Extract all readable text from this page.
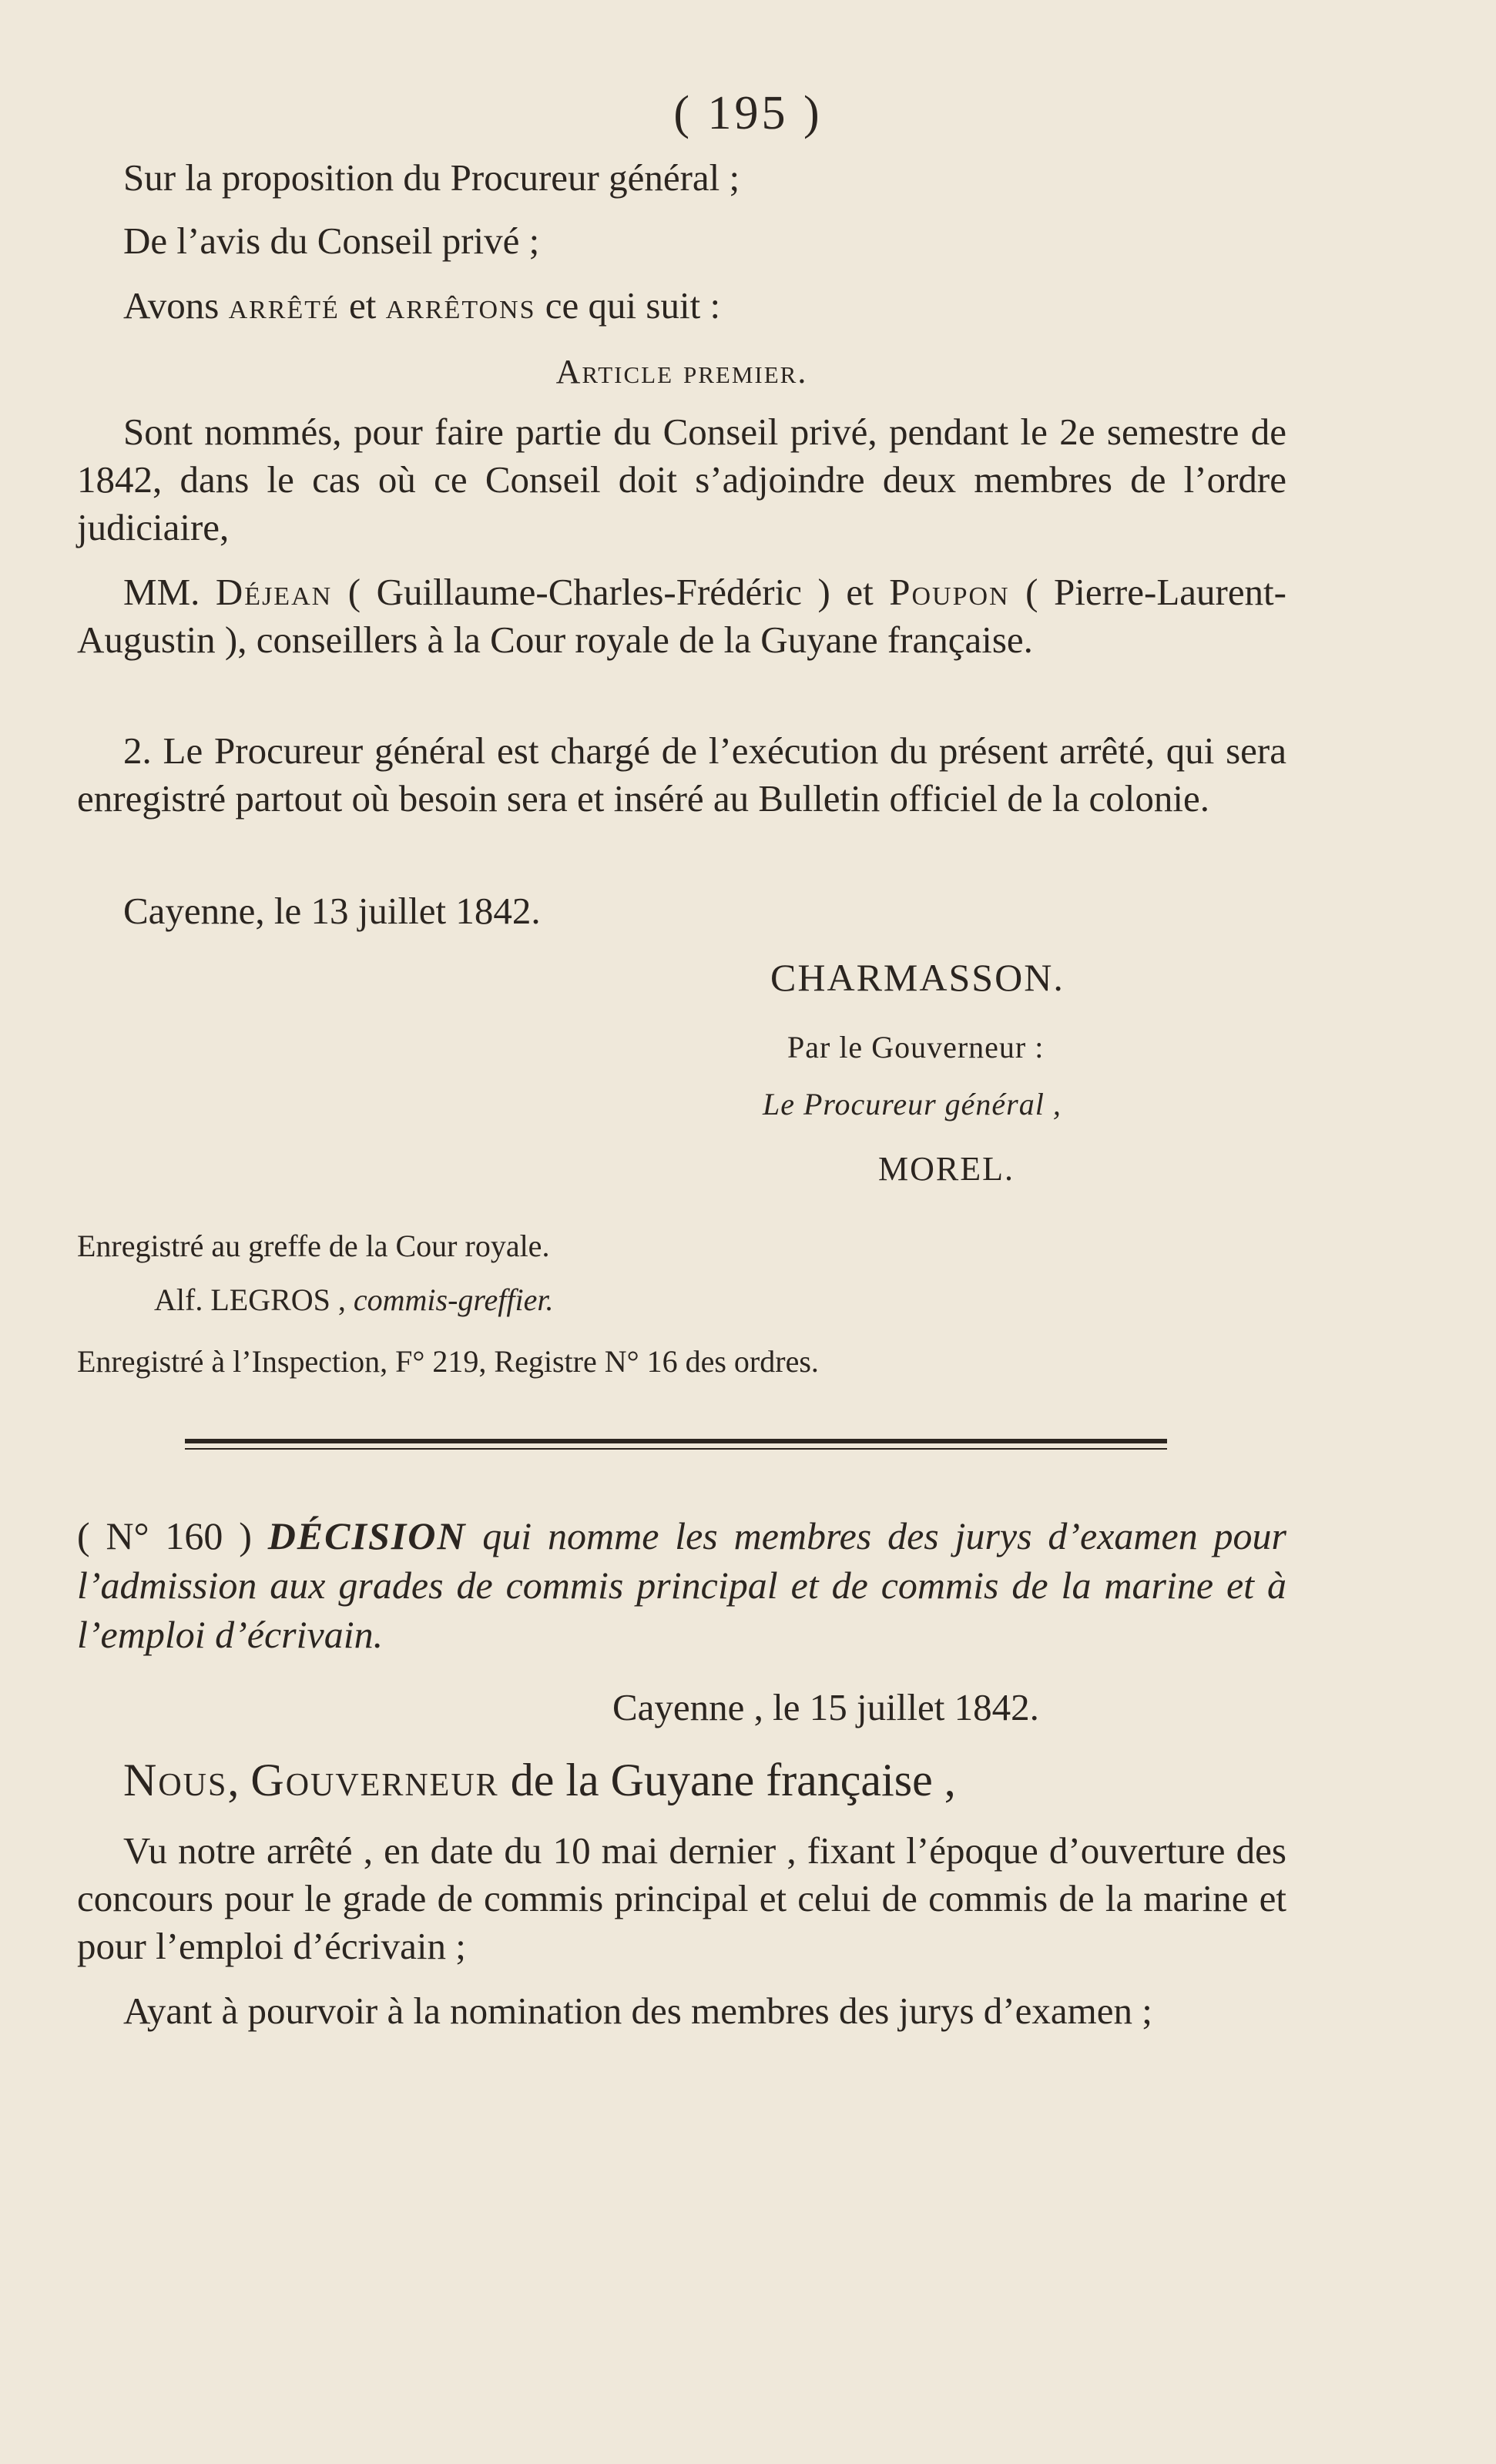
( 195 )
Sur la proposition du Procureur général ;
De l’avis du Conseil privé ;
Avons arrêté et arrêtons ce qui suit :
Article premier.
Sont nommés, pour faire partie du Conseil privé, pendant le 2e semestre de 1842, dans le cas où ce Conseil doit s’adjoindre deux membres de l’ordre judiciaire,
MM. Déjean ( Guillaume-Charles-Frédéric ) et Poupon ( Pierre-Laurent-Augustin ), conseillers à la Cour royale de la Guyane française.
2. Le Procureur général est chargé de l’exécution du présent arrêté, qui sera enregistré partout où besoin sera et inséré au Bulletin officiel de la colonie.
Cayenne, le 13 juillet 1842.
CHARMASSON.
Par le Gouverneur :
Le Procureur général ,
MOREL.
Enregistré au greffe de la Cour royale.
Alf. LEGROS , commis-greffier.
Enregistré à l’Inspection, F° 219, Registre N° 16 des ordres.
( N° 160 ) DÉCISION qui nomme les membres des jurys d’examen pour l’admission aux grades de commis principal et de commis de la marine et à l’emploi d’écrivain.
Cayenne , le 15 juillet 1842.
Nous, Gouverneur de la Guyane française ,
Vu notre arrêté , en date du 10 mai dernier , fixant l’époque d’ouverture des concours pour le grade de commis principal et celui de commis de la marine et pour l’emploi d’écrivain ;
Ayant à pourvoir à la nomination des membres des jurys d’examen ;
